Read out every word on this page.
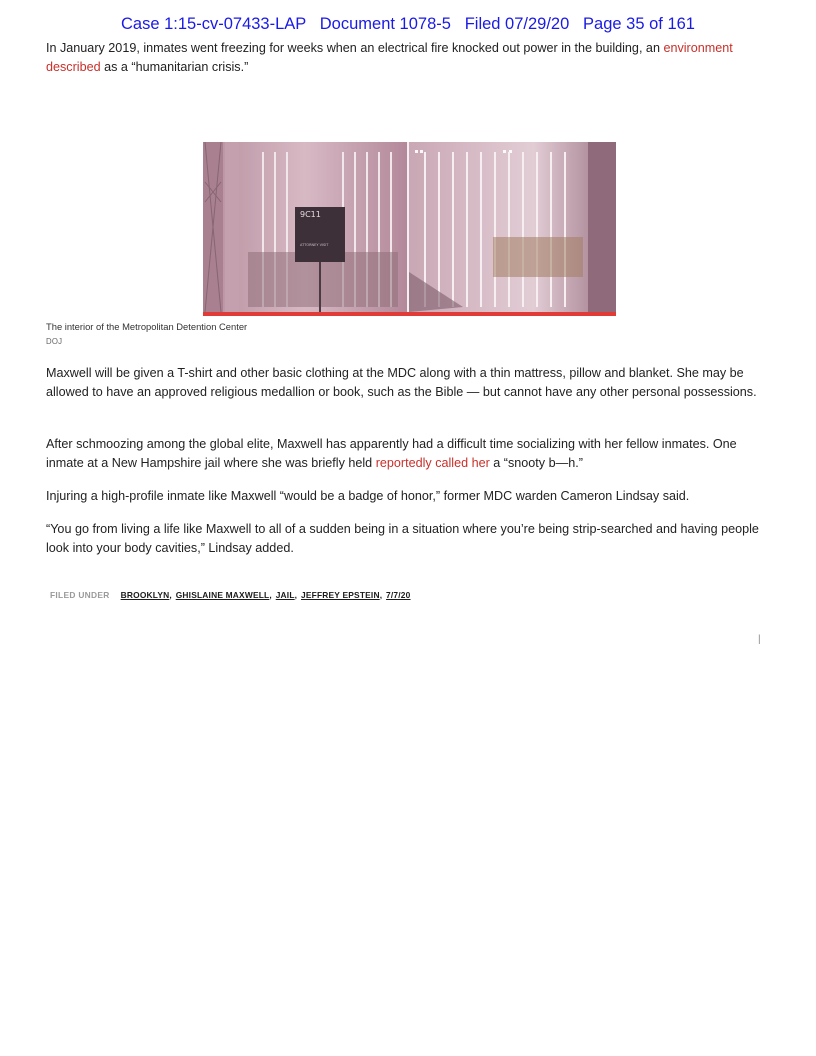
Case 1:15-cv-07433-LAP Document 1078-5 Filed 07/29/20 Page 35 of 161
In January 2019, inmates went freezing for weeks when an electrical fire knocked out power in the building, an environment described as a “humanitarian crisis.”
9C11
ATTORNEY VISIT
The interior of the Metropolitan Detention Center
DOJ
Maxwell will be given a T-shirt and other basic clothing at the MDC along with a thin mattress, pillow and blanket. She may be allowed to have an approved religious medallion or book, such as the Bible — but cannot have any other personal possessions.
After schmoozing among the global elite, Maxwell has apparently had a difficult time socializing with her fellow inmates. One inmate at a New Hampshire jail where she was briefly held reportedly called her a “snooty b—h.”
Injuring a high-profile inmate like Maxwell “would be a badge of honor,” former MDC warden Cameron Lindsay said.
“You go from living a life like Maxwell to all of a sudden being in a situation where you’re being strip-searched and having people look into your body cavities,” Lindsay added.
FILED UNDER BROOKLYN , GHISLAINE MAXWELL , JAIL , JEFFREY EPSTEIN , 7/7/20
|
